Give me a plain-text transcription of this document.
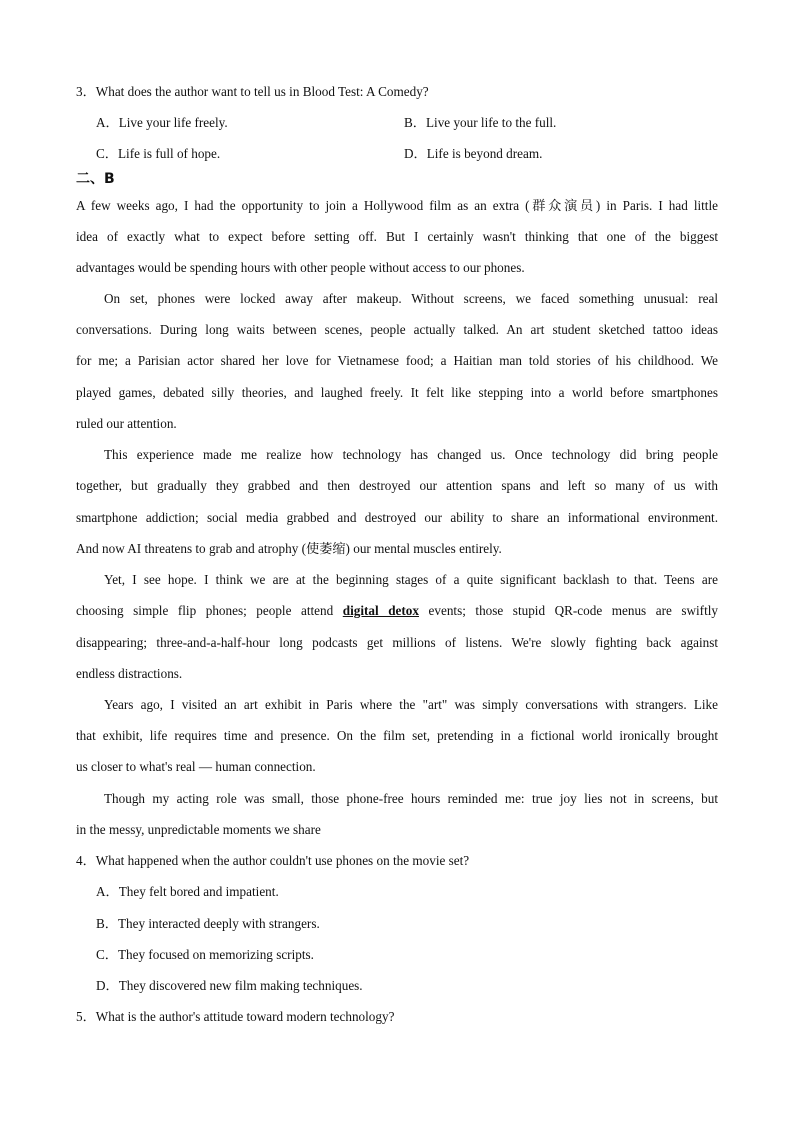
3．What does the author want to tell us in Blood Test: A Comedy?
A．Live your life freely.	B．Live your life to the full.
C．Life is full of hope.	D．Life is beyond dream.
二、B
A few weeks ago, I had the opportunity to join a Hollywood film as an extra (群众演员) in Paris. I had little
idea of exactly what to expect before setting off. But I certainly wasn't thinking that one of the biggest
advantages would be spending hours with other people without access to our phones.
On set, phones were locked away after makeup. Without screens, we faced something unusual: real
conversations. During long waits between scenes, people actually talked. An art student sketched tattoo ideas
for me; a Parisian actor shared her love for Vietnamese food; a Haitian man told stories of his childhood. We
played games, debated silly theories, and laughed freely. It felt like stepping into a world before smartphones
ruled our attention.
This experience made me realize how technology has changed us. Once technology did bring people
together, but gradually they grabbed and then destroyed our attention spans and left so many of us with
smartphone addiction; social media grabbed and destroyed our ability to share an informational environment.
And now AI threatens to grab and atrophy (使萎缩) our mental muscles entirely.
Yet, I see hope. I think we are at the beginning stages of a quite significant backlash to that. Teens are
choosing simple flip phones; people attend digital detox events; those stupid QR-code menus are swiftly
disappearing; three-and-a-half-hour long podcasts get millions of listens. We're slowly fighting back against
endless distractions.
Years ago, I visited an art exhibit in Paris where the "art" was simply conversations with strangers. Like
that exhibit, life requires time and presence. On the film set, pretending in a fictional world ironically brought
us closer to what's real — human connection.
Though my acting role was small, those phone-free hours reminded me: true joy lies not in screens, but
in the messy, unpredictable moments we share
4．What happened when the author couldn't use phones on the movie set?
A．They felt bored and impatient.
B．They interacted deeply with strangers.
C．They focused on memorizing scripts.
D．They discovered new film making techniques.
5．What is the author's attitude toward modern technology?
